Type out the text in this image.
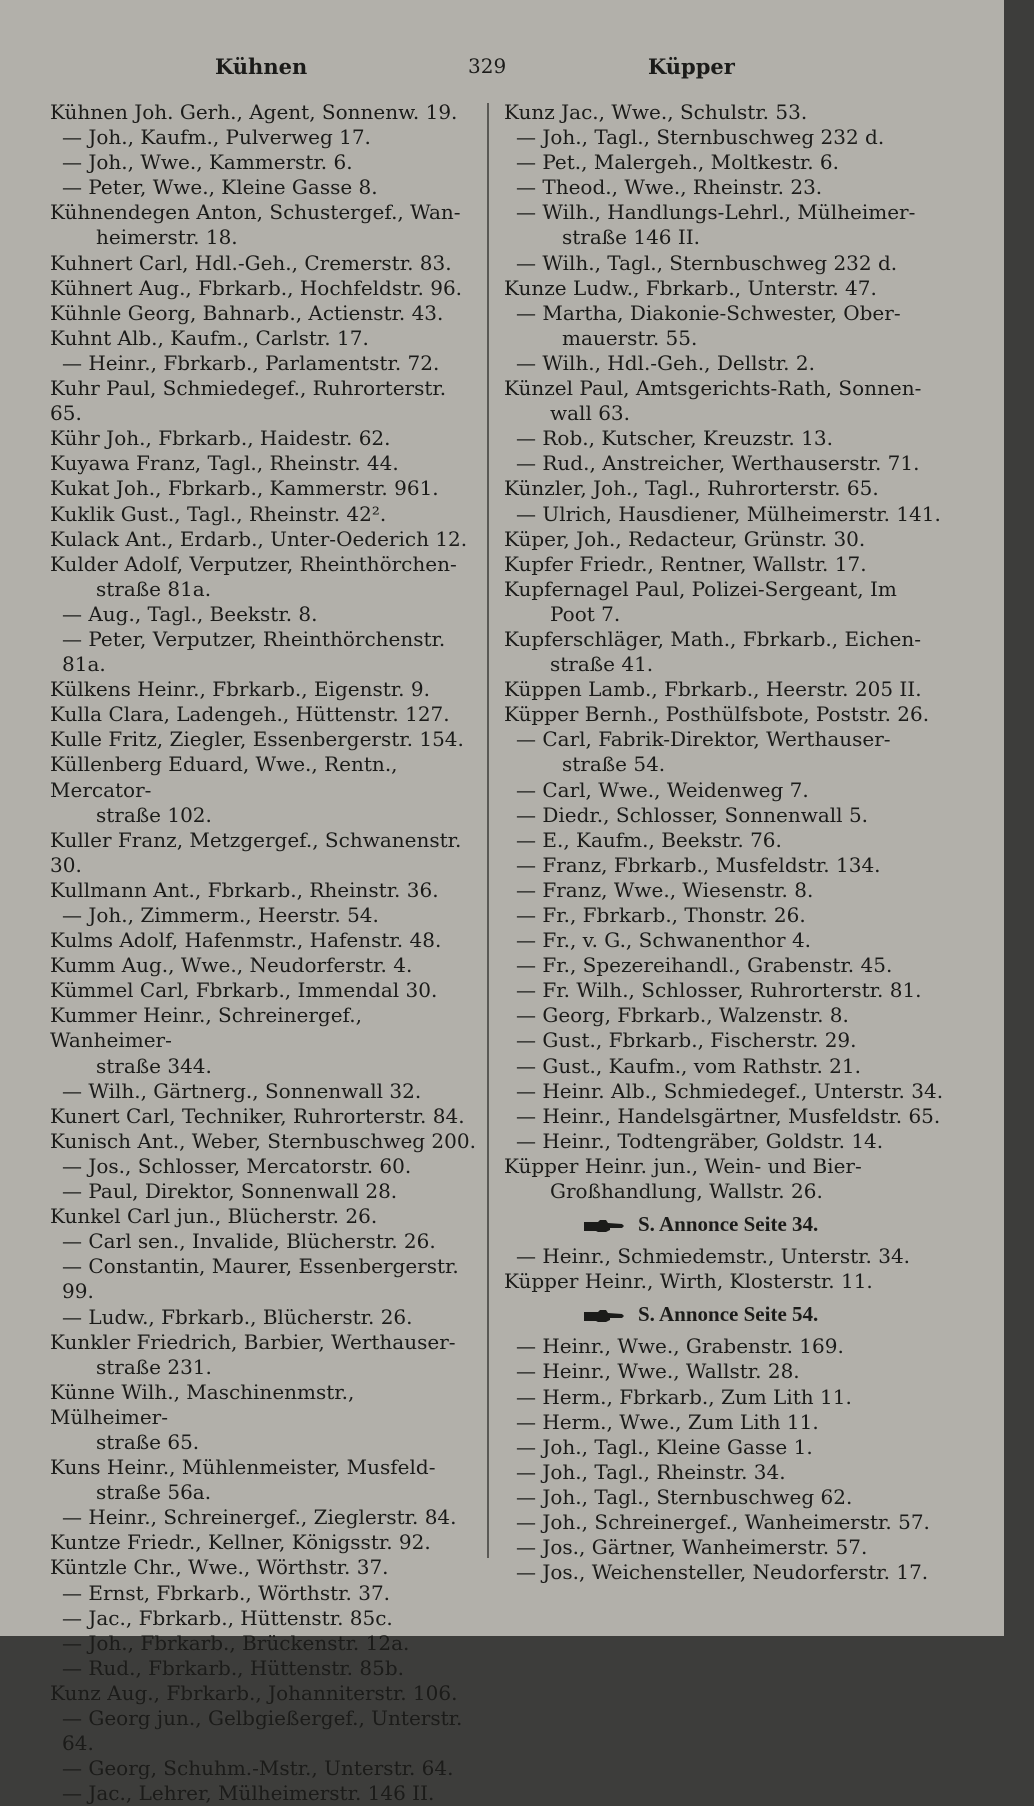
Kühnen	329	Küpper
Kühnen Joh. Gerh., Agent, Sonnenw. 19.
— Joh., Kaufm., Pulverweg 17.
— Joh., Wwe., Kammerstr. 6.
— Peter, Wwe., Kleine Gasse 8.
Kühnendegen Anton, Schustergef., Wan-
heimerstr. 18.
Kuhnert Carl, Hdl.-Geh., Cremerstr. 83.
Kühnert Aug., Fbrkarb., Hochfeldstr. 96.
Kühnle Georg, Bahnarb., Actienstr. 43.
Kuhnt Alb., Kaufm., Carlstr. 17.
— Heinr., Fbrkarb., Parlamentstr. 72.
Kuhr Paul, Schmiedegef., Ruhrorterstr. 65.
Kühr Joh., Fbrkarb., Haidestr. 62.
Kuyawa Franz, Tagl., Rheinstr. 44.
Kukat Joh., Fbrkarb., Kammerstr. 961.
Kuklik Gust., Tagl., Rheinstr. 42².
Kulack Ant., Erdarb., Unter-Oederich 12.
Kulder Adolf, Verputzer, Rheinthörchen-
straße 81a.
— Aug., Tagl., Beekstr. 8.
— Peter, Verputzer, Rheinthörchenstr. 81a.
Külkens Heinr., Fbrkarb., Eigenstr. 9.
Kulla Clara, Ladengeh., Hüttenstr. 127.
Kulle Fritz, Ziegler, Essenbergerstr. 154.
Küllenberg Eduard, Wwe., Rentn., Mercator-
straße 102.
Kuller Franz, Metzgergef., Schwanenstr. 30.
Kullmann Ant., Fbrkarb., Rheinstr. 36.
— Joh., Zimmerm., Heerstr. 54.
Kulms Adolf, Hafenmstr., Hafenstr. 48.
Kumm Aug., Wwe., Neudorferstr. 4.
Kümmel Carl, Fbrkarb., Immendal 30.
Kummer Heinr., Schreinergef., Wanheimer-
straße 344.
— Wilh., Gärtnerg., Sonnenwall 32.
Kunert Carl, Techniker, Ruhrorterstr. 84.
Kunisch Ant., Weber, Sternbuschweg 200.
— Jos., Schlosser, Mercatorstr. 60.
— Paul, Direktor, Sonnenwall 28.
Kunkel Carl jun., Blücherstr. 26.
— Carl sen., Invalide, Blücherstr. 26.
— Constantin, Maurer, Essenbergerstr. 99.
— Ludw., Fbrkarb., Blücherstr. 26.
Kunkler Friedrich, Barbier, Werthauser-
straße 231.
Künne Wilh., Maschinenmstr., Mülheimer-
straße 65.
Kuns Heinr., Mühlenmeister, Musfeld-
straße 56a.
— Heinr., Schreinergef., Zieglerstr. 84.
Kuntze Friedr., Kellner, Königsstr. 92.
Küntzle Chr., Wwe., Wörthstr. 37.
— Ernst, Fbrkarb., Wörthstr. 37.
— Jac., Fbrkarb., Hüttenstr. 85c.
— Joh., Fbrkarb., Brückenstr. 12a.
— Rud., Fbrkarb., Hüttenstr. 85b.
Kunz Aug., Fbrkarb., Johanniterstr. 106.
— Georg jun., Gelbgießergef., Unterstr. 64.
— Georg, Schuhm.-Mstr., Unterstr. 64.
— Jac., Lehrer, Mülheimerstr. 146 II.
Kunz Jac., Wwe., Schulstr. 53.
— Joh., Tagl., Sternbuschweg 232 d.
— Pet., Malergeh., Moltkestr. 6.
— Theod., Wwe., Rheinstr. 23.
— Wilh., Handlungs-Lehrl., Mülheimer-
straße 146 II.
— Wilh., Tagl., Sternbuschweg 232 d.
Kunze Ludw., Fbrkarb., Unterstr. 47.
— Martha, Diakonie-Schwester, Ober-
mauerstr. 55.
— Wilh., Hdl.-Geh., Dellstr. 2.
Künzel Paul, Amtsgerichts-Rath, Sonnen-
wall 63.
— Rob., Kutscher, Kreuzstr. 13.
— Rud., Anstreicher, Werthauserstr. 71.
Künzler, Joh., Tagl., Ruhrorterstr. 65.
— Ulrich, Hausdiener, Mülheimerstr. 141.
Küper, Joh., Redacteur, Grünstr. 30.
Kupfer Friedr., Rentner, Wallstr. 17.
Kupfernagel Paul, Polizei-Sergeant, Im
Poot 7.
Kupferschläger, Math., Fbrkarb., Eichen-
straße 41.
Küppen Lamb., Fbrkarb., Heerstr. 205 II.
Küpper Bernh., Posthülfsbote, Poststr. 26.
— Carl, Fabrik-Direktor, Werthauser-
straße 54.
— Carl, Wwe., Weidenweg 7.
— Diedr., Schlosser, Sonnenwall 5.
— E., Kaufm., Beekstr. 76.
— Franz, Fbrkarb., Musfeldstr. 134.
— Franz, Wwe., Wiesenstr. 8.
— Fr., Fbrkarb., Thonstr. 26.
— Fr., v. G., Schwanenthor 4.
— Fr., Spezereihandl., Grabenstr. 45.
— Fr. Wilh., Schlosser, Ruhrorterstr. 81.
— Georg, Fbrkarb., Walzenstr. 8.
— Gust., Fbrkarb., Fischerstr. 29.
— Gust., Kaufm., vom Rathstr. 21.
— Heinr. Alb., Schmiedegef., Unterstr. 34.
— Heinr., Handelsgärtner, Musfeldstr. 65.
— Heinr., Todtengräber, Goldstr. 14.
Küpper Heinr. jun., Wein- und Bier-
Großhandlung, Wallstr. 26.
S. Annonce Seite 34.
— Heinr., Schmiedemstr., Unterstr. 34.
Küpper Heinr., Wirth, Klosterstr. 11.
S. Annonce Seite 54.
— Heinr., Wwe., Grabenstr. 169.
— Heinr., Wwe., Wallstr. 28.
— Herm., Fbrkarb., Zum Lith 11.
— Herm., Wwe., Zum Lith 11.
— Joh., Tagl., Kleine Gasse 1.
— Joh., Tagl., Rheinstr. 34.
— Joh., Tagl., Sternbuschweg 62.
— Joh., Schreinergef., Wanheimerstr. 57.
— Jos., Gärtner, Wanheimerstr. 57.
— Jos., Weichensteller, Neudorferstr. 17.
